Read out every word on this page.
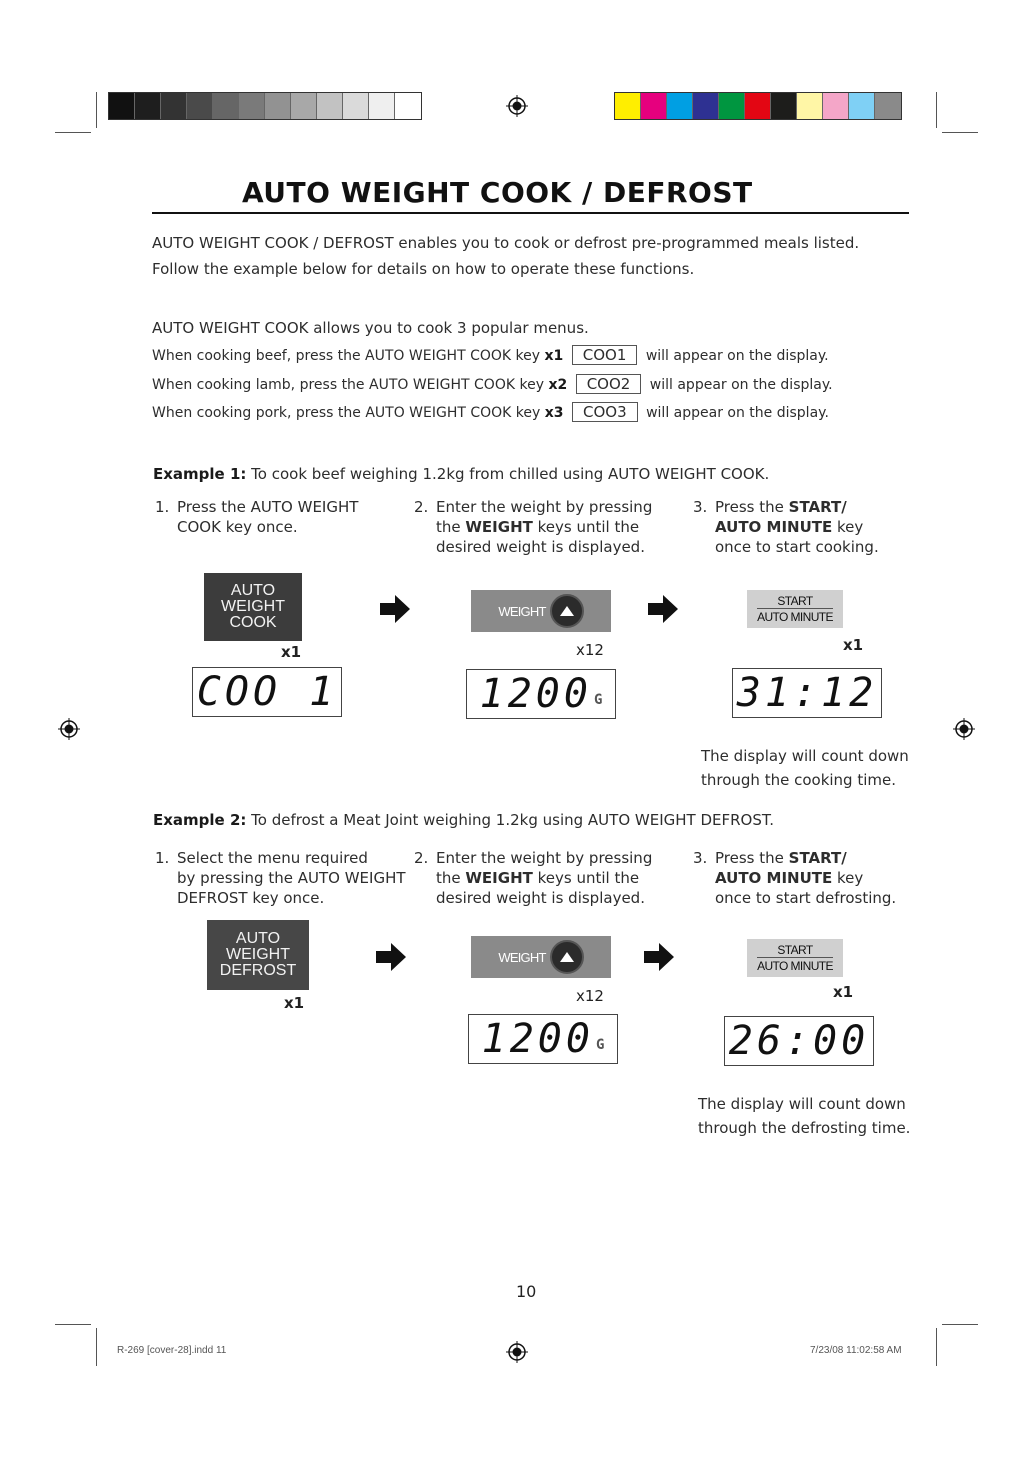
AUTO WEIGHT COOK / DEFROST
AUTO WEIGHT COOK / DEFROST enables you to cook or defrost pre-programmed meals listed.
Follow the example below for details on how to operate these functions.
AUTO WEIGHT COOK allows you to cook 3 popular menus.
When cooking beef, press the AUTO WEIGHT COOK key x1 COO1 will appear on the display.
When cooking lamb, press the AUTO WEIGHT COOK key x2 COO2 will appear on the display.
When cooking pork, press the AUTO WEIGHT COOK key x3 COO3 will appear on the display.
Example 1: To cook beef weighing 1.2kg from chilled using AUTO WEIGHT COOK.
1. Press the AUTO WEIGHT
COOK key once.
2. Enter the weight by pressing
the WEIGHT keys until the
desired weight is displayed.
3. Press the START/
AUTO MINUTE key
once to start cooking.
AUTO
WEIGHT
COOK
x1
WEIGHT
x12
START
AUTO MINUTE
x1
COO 1	1200 G	31:12
The display will count down
through the cooking time.
Example 2: To defrost a Meat Joint weighing 1.2kg using AUTO WEIGHT DEFROST.
1. Select the menu required
by pressing the AUTO WEIGHT
DEFROST key once.
2. Enter the weight by pressing
the WEIGHT keys until the
desired weight is displayed.
3. Press the START/
AUTO MINUTE key
once to start defrosting.
AUTO
WEIGHT
DEFROST
x1
WEIGHT
x12
START
AUTO MINUTE
x1
1200 G	26:00
The display will count down
through the defrosting time.
10
R-269 [cover-28].indd 11	7/23/08 11:02:58 AM
